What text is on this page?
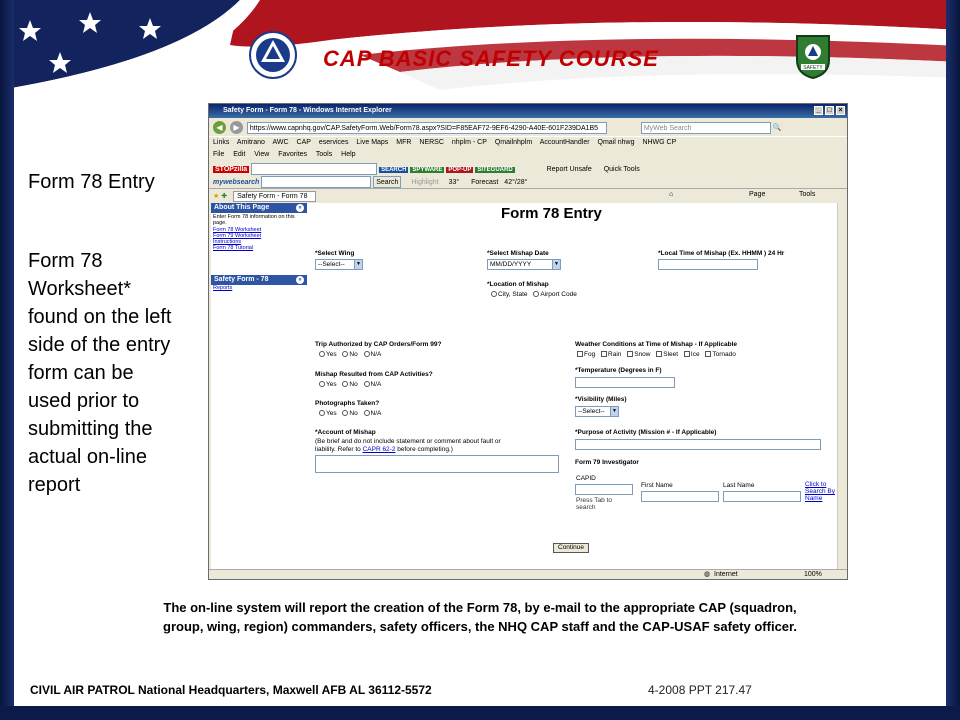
CAP BASIC SAFETY COURSE	SAFETY
Form 78 Entry
Form 78
Worksheet*
found on the left
side of the entry
form can be
used prior to
submitting the
actual on-line
report
Safety Form - Form 78 - Windows Internet Explorer	_ □ ×
◀ ▶ https://www.capnhq.gov/CAP.SafetyForm.Web/Form78.aspx?SID=F85EAF72-9EF6-4290-A40E-601F239DA1B5	MyWeb Search	🔍
Links Amitrano AWC CAP eservices Live Maps MFR NERSC nhplm - CP Qmailnhplm AccountHandler Qmail nhwg NHWG CP
File Edit View Favorites Tools Help
STOPzilla	SEARCH SPYWARE POP-UP SITEGUARD	Report Unsafe Quick Tools
mywebsearch	Search Highlight 33° Forecast 42°/28°
★ ✚ Safety Form - Form 78	⌂	Page	Tools
About This Page	«
Enter Form 78 information on this page.
Form 78 Worksheet
Form 79 Worksheet
Instructions
Form 78 Tutorial
Safety Form - 78	«
Reports
Form 78 Entry
*Select Wing
--Select--	▼
*Select Mishap Date
MM/DD/YYYY	▼
*Local Time of Mishap (Ex. HHMM ) 24 Hr
*Location of Mishap
City, State Airport Code
Trip Authorized by CAP Orders/Form 99?
Yes No N/A
Mishap Resulted from CAP Activities?
Yes No N/A
Photographs Taken?
Yes No N/A
*Account of Mishap
(Be brief and do not include statement or comment about fault or
liability. Refer to CAPR 62-2 before completing.)
Weather Conditions at Time of Mishap - If Applicable
Fog Rain Snow Sleet Ice Tornado
*Temperature (Degrees in F)
*Visibility (Miles)
--Select--	▼
*Purpose of Activity (Mission # - If Applicable)
Form 79 Investigator
CAPID
Press Tab to search
First Name	Last Name	Click to Search By Name
Continue
◍ Internet	100%
The on-line system will report the creation of the Form 78, by e-mail to the appropriate CAP (squadron,
group, wing, region) commanders, safety officers, the NHQ CAP staff and the CAP-USAF safety officer.
CIVIL AIR PATROL National Headquarters, Maxwell AFB AL 36112-5572	4-2008 PPT 217.47
